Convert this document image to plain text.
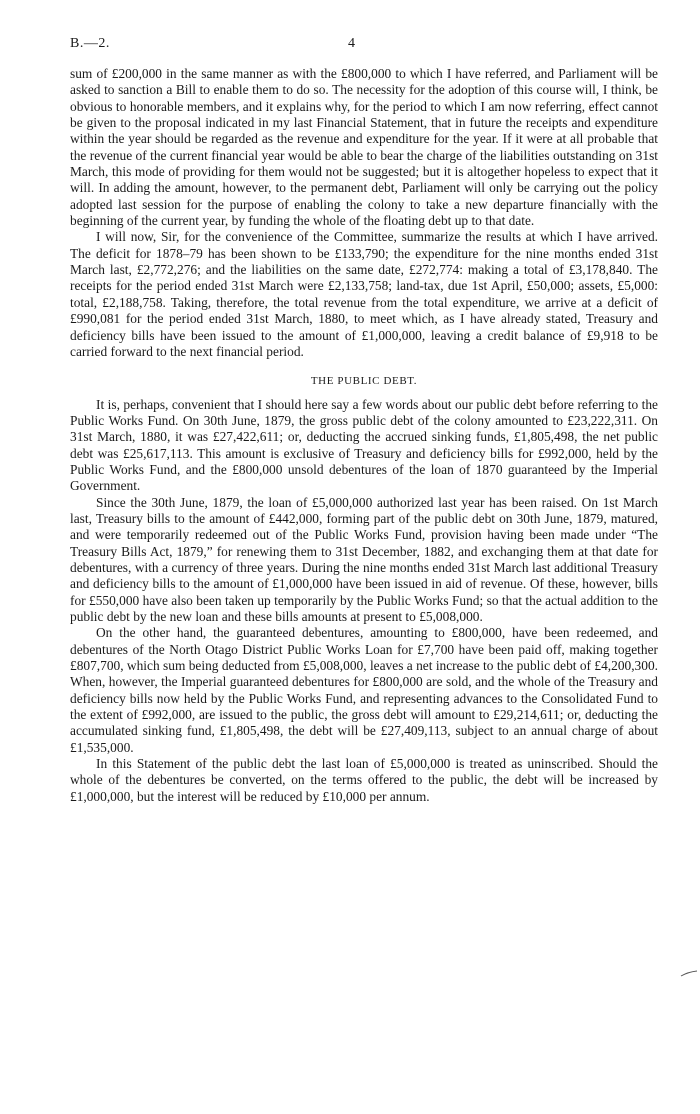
B.—2.	4

sum of £200,000 in the same manner as with the £800,000 to which I have referred, and Parliament will be asked to sanction a Bill to enable them to do so. The necessity for the adoption of this course will, I think, be obvious to honorable members, and it explains why, for the period to which I am now referring, effect cannot be given to the proposal indicated in my last Financial Statement, that in future the receipts and expenditure within the year should be regarded as the revenue and expenditure for the year. If it were at all probable that the revenue of the current financial year would be able to bear the charge of the liabilities outstanding on 31st March, this mode of providing for them would not be suggested; but it is altogether hopeless to expect that it will. In adding the amount, however, to the permanent debt, Parliament will only be carrying out the policy adopted last session for the purpose of enabling the colony to take a new departure financially with the beginning of the current year, by funding the whole of the floating debt up to that date.

I will now, Sir, for the convenience of the Committee, summarize the results at which I have arrived. The deficit for 1878–79 has been shown to be £133,790; the expenditure for the nine months ended 31st March last, £2,772,276; and the liabilities on the same date, £272,774: making a total of £3,178,840. The receipts for the period ended 31st March were £2,133,758; land-tax, due 1st April, £50,000; assets, £5,000: total, £2,188,758. Taking, therefore, the total revenue from the total expenditure, we arrive at a deficit of £990,081 for the period ended 31st March, 1880, to meet which, as I have already stated, Treasury and deficiency bills have been issued to the amount of £1,000,000, leaving a credit balance of £9,918 to be carried forward to the next financial period.

THE PUBLIC DEBT.

It is, perhaps, convenient that I should here say a few words about our public debt before referring to the Public Works Fund. On 30th June, 1879, the gross public debt of the colony amounted to £23,222,311. On 31st March, 1880, it was £27,422,611; or, deducting the accrued sinking funds, £1,805,498, the net public debt was £25,617,113. This amount is exclusive of Treasury and deficiency bills for £992,000, held by the Public Works Fund, and the £800,000 unsold debentures of the loan of 1870 guaranteed by the Imperial Government.

Since the 30th June, 1879, the loan of £5,000,000 authorized last year has been raised. On 1st March last, Treasury bills to the amount of £442,000, forming part of the public debt on 30th June, 1879, matured, and were temporarily redeemed out of the Public Works Fund, provision having been made under “The Treasury Bills Act, 1879,” for renewing them to 31st December, 1882, and exchanging them at that date for debentures, with a currency of three years. During the nine months ended 31st March last additional Treasury and deficiency bills to the amount of £1,000,000 have been issued in aid of revenue. Of these, however, bills for £550,000 have also been taken up temporarily by the Public Works Fund; so that the actual addition to the public debt by the new loan and these bills amounts at present to £5,008,000.

On the other hand, the guaranteed debentures, amounting to £800,000, have been redeemed, and debentures of the North Otago District Public Works Loan for £7,700 have been paid off, making together £807,700, which sum being deducted from £5,008,000, leaves a net increase to the public debt of £4,200,300. When, however, the Imperial guaranteed debentures for £800,000 are sold, and the whole of the Treasury and deficiency bills now held by the Public Works Fund, and representing advances to the Consolidated Fund to the extent of £992,000, are issued to the public, the gross debt will amount to £29,214,611; or, deducting the accumulated sinking fund, £1,805,498, the debt will be £27,409,113, subject to an annual charge of about £1,535,000.

In this Statement of the public debt the last loan of £5,000,000 is treated as uninscribed. Should the whole of the debentures be converted, on the terms offered to the public, the debt will be increased by £1,000,000, but the interest will be reduced by £10,000 per annum.
